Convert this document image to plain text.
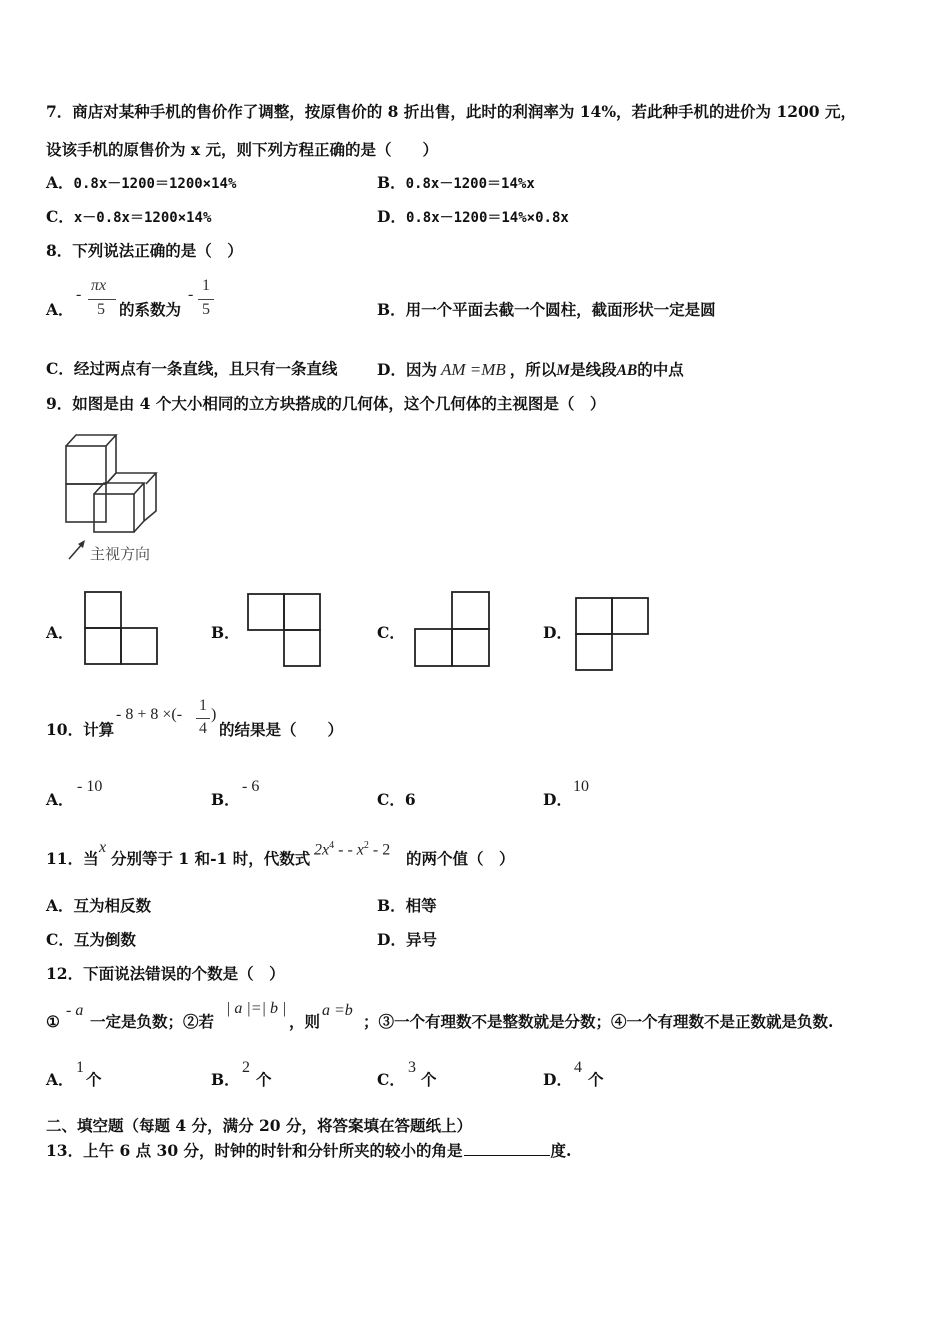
7．商店对某种手机的售价作了调整，按原售价的 8 折出售，此时的利润率为 14%，若此种手机的进价为 1200 元，
设该手机的原售价为 x 元，则下列方程正确的是（　　）
A．0.8x－1200＝1200×14%	B．0.8x－1200＝14%x
C．x－0.8x＝1200×14%	D．0.8x－1200＝14%×0.8x
8．下列说法正确的是（　）
A．
-
πx
5 的系数为
-
1
5	B．用一个平面去截一个圆柱，截面形状一定是圆
C．经过两点有一条直线，且只有一条直线	D．因为 AM =MB ，所以M是线段AB的中点
9．如图是由 4 个大小相同的立方块搭成的几何体，这个几何体的主视图是（　）
主视方向
A．	B．	C．	D．
10．计算
- 8 + 8 ×(-
1
4
)
的结果是（　　）
A．
- 10
B．
- 6
C．6	D．
10
11．当
x
分别等于 1 和-1 时，代数式 $2x^4$ - - $x^2 - 2$ 的两个值（　）
A．互为相反数	B．相等
C．互为倒数	D．异号
12．下面说法错误的个数是（　）
①
- a
一定是负数；②若
| a |=| b |
，则
a =b
；③一个有理数不是整数就是分数；④一个有理数不是正数就是负数.
A．
1
个	B．
2
个	C．
3
个	D．
4
个
二、填空题（每题 4 分，满分 20 分，将答案填在答题纸上）
13．上午 6 点 30 分，时钟的时针和分针所夹的较小的角是	度.
